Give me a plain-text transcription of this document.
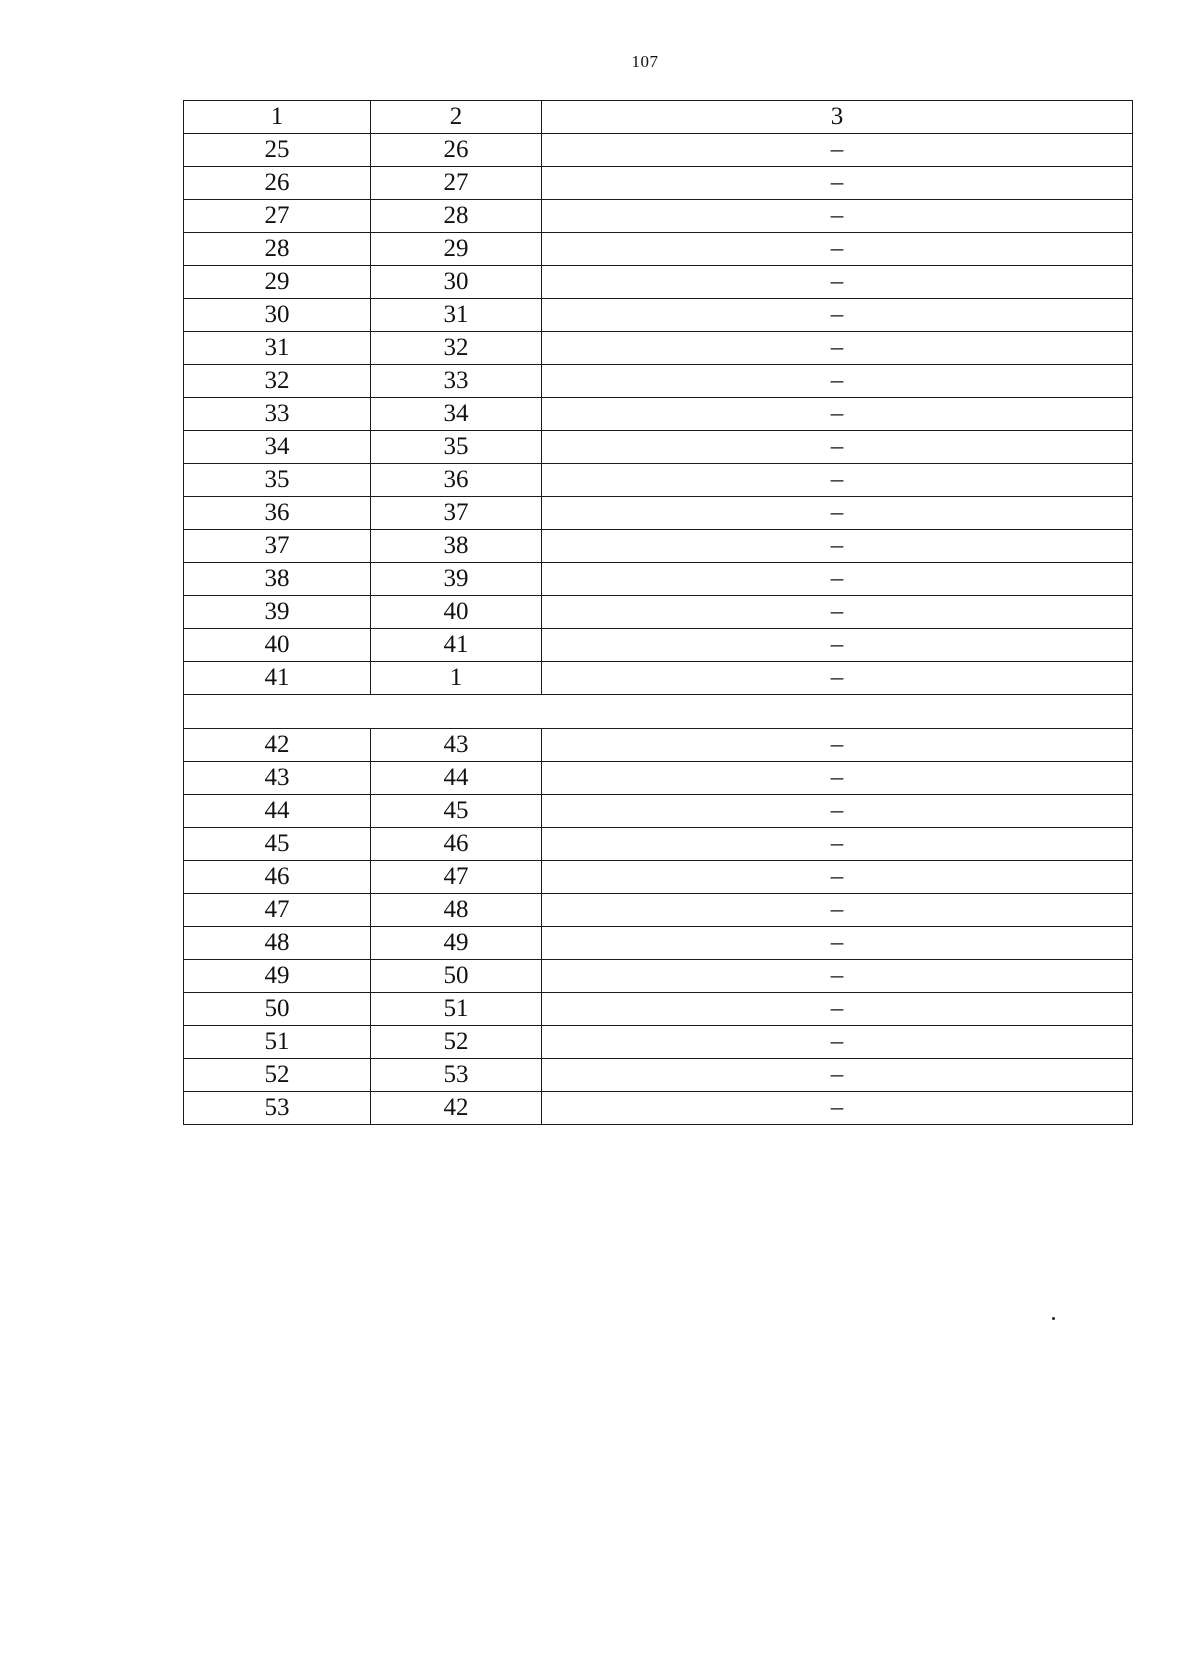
107
1	2	3
25	26	–
26	27	–
27	28	–
28	29	–
29	30	–
30	31	–
31	32	–
32	33	–
33	34	–
34	35	–
35	36	–
36	37	–
37	38	–
38	39	–
39	40	–
40	41	–
41	1	–

42	43	–
43	44	–
44	45	–
45	46	–
46	47	–
47	48	–
48	49	–
49	50	–
50	51	–
51	52	–
52	53	–
53	42	–
